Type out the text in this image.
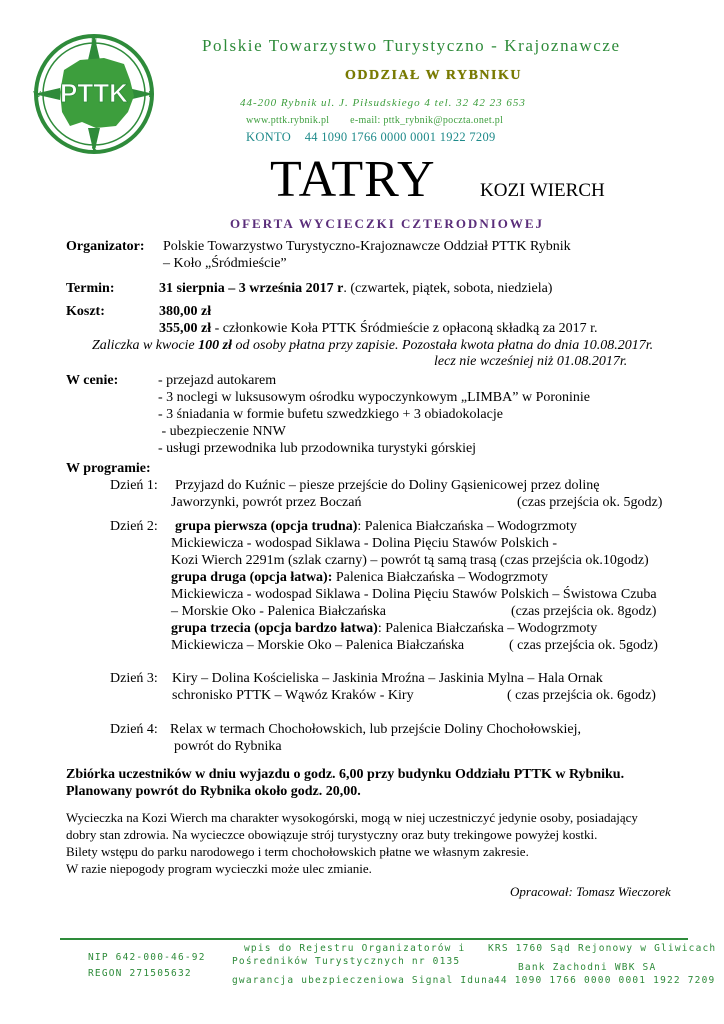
PTTK
N
E
S
W
Polskie Towarzystwo Turystyczno - Krajoznawcze
ODDZIAŁ W RYBNIKU
44-200 Rybnik ul. J. Piłsudskiego 4 tel. 32 42 23 653
www.pttk.rybnik.pl e-mail: pttk_rybnik@poczta.onet.pl
KONTO    44 1090 1766 0000 0001 1922 7209
TATRY KOZI WIERCH
OFERTA WYCIECZKI CZTERODNIOWEJ
Organizator: Polskie Towarzystwo Turystyczno-Krajoznawcze Oddział PTTK Rybnik
– Koło „Śródmieście”
Termin:	31 sierpnia – 3 września 2017 r. (czwartek, piątek, sobota, niedziela)
Koszt:	380,00 zł
355,00 zł - członkowie Koła PTTK Śródmieście z opłaconą składką za 2017 r.
Zaliczka w kwocie 100 zł od osoby płatna przy zapisie. Pozostała kwota płatna do dnia 10.08.2017r.
lecz nie wcześniej niż 01.08.2017r.
W cenie:	- przejazd autokarem
- 3 noclegi w luksusowym ośrodku wypoczynkowym „LIMBA” w Poroninie
- 3 śniadania w formie bufetu szwedzkiego + 3 obiadokolacje
- ubezpieczenie NNW
- usługi przewodnika lub przodownika turystyki górskiej
W programie:
Dzień 1: Przyjazd do Kuźnic – piesze przejście do Doliny Gąsienicowej przez dolinę
Jaworzynki, powrót przez Boczań	(czas przejścia ok. 5godz)
Dzień 2: grupa pierwsza (opcja trudna): Palenica Białczańska – Wodogrzmoty
Mickiewicza - wodospad Siklawa - Dolina Pięciu Stawów Polskich -
Kozi Wierch 2291m (szlak czarny) – powrót tą samą trasą (czas przejścia ok.10godz)
grupa druga (opcja łatwa): Palenica Białczańska – Wodogrzmoty
Mickiewicza - wodospad Siklawa - Dolina Pięciu Stawów Polskich – Świstowa Czuba
– Morskie Oko - Palenica Białczańska	(czas przejścia ok. 8godz)
grupa trzecia (opcja bardzo łatwa): Palenica Białczańska – Wodogrzmoty
Mickiewicza – Morskie Oko – Palenica Białczańska	( czas przejścia ok. 5godz)
Dzień 3: Kiry – Dolina Kościeliska – Jaskinia Mroźna – Jaskinia Mylna – Hala Ornak
schronisko PTTK – Wąwóz Kraków - Kiry	( czas przejścia ok. 6godz)
Dzień 4: Relax w termach Chochołowskich, lub przejście Doliny Chochołowskiej,
powrót do Rybnika
Zbiórka uczestników w dniu wyjazdu o godz. 6,00 przy budynku Oddziału PTTK w Rybniku.
Planowany powrót do Rybnika około godz. 20,00.
Wycieczka na Kozi Wierch ma charakter wysokogórski, mogą w niej uczestniczyć jedynie osoby, posiadający
dobry stan zdrowia. Na wycieczce obowiązuje strój turystyczny oraz buty trekingowe powyżej kostki.
Bilety wstępu do parku narodowego i term chochołowskich płatne we własnym zakresie.
W razie niepogody program wycieczki może ulec zmianie.
Opracował: Tomasz Wieczorek
NIP 642-000-46-92
REGON 271505632
wpis do Rejestru Organizatorów i
Pośredników Turystycznych nr 0135
gwarancja ubezpieczeniowa Signal Iduna
KRS 1760 Sąd Rejonowy w Gliwicach
Bank Zachodni WBK SA
44 1090 1766 0000 0001 1922 7209
